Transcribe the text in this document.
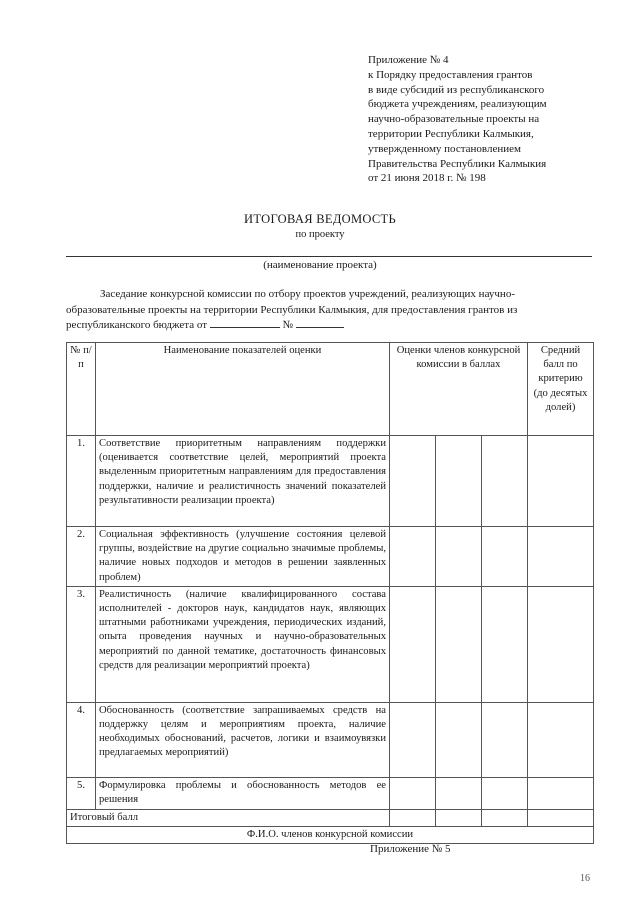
Приложение № 4
к Порядку предоставления грантов
в виде субсидий из республиканского
бюджета учреждениям, реализующим
научно-образовательные проекты на
территории Республики Калмыкия,
утвержденному постановлением
Правительства Республики Калмыкия
от 21 июня 2018 г. № 198
ИТОГОВАЯ ВЕДОМОСТЬ
по проекту
(наименование проекта)

Заседание конкурсной комиссии по отбору проектов учреждений, реализующих научно-

образовательные проекты на территории Республики Калмыкия, для предоставления грантов из

республиканского бюджета от	№

№ п/п	Наименование показателей оценки	Оценки членов конкурсной комиссии в баллах			Средний балл по критерию (до десятых долей)
1.	Соответствие приоритетным направлениям поддержки (оценивается соответствие целей, мероприятий проекта выделенным приоритетным направлениям для предоставления поддержки, наличие и реалистичность значений показателей результативности реализации проекта)				
2.	Социальная эффективность (улучшение состояния целевой группы, воздействие на другие социально значимые проблемы, наличие новых подходов и методов в решении заявленных проблем)				
3.	Реалистичность (наличие квалифицированного состава исполнителей - докторов наук, кандидатов наук, являющих штатными работниками учреждения, периодических изданий, опыта проведения научных и научно-образовательных мероприятий по данной тематике, достаточность финансовых средств для реализации мероприятий проекта)				
4.	Обоснованность (соответствие запрашиваемых средств на поддержку целям и мероприятиям проекта, наличие необходимых обоснований, расчетов, логики и взаимоувязки предлагаемых мероприятий)				
5.	Формулировка проблемы и обоснованность методов ее решения				
Итоговый балл					
Ф.И.О. членов конкурсной комиссии					
Приложение № 5
16
